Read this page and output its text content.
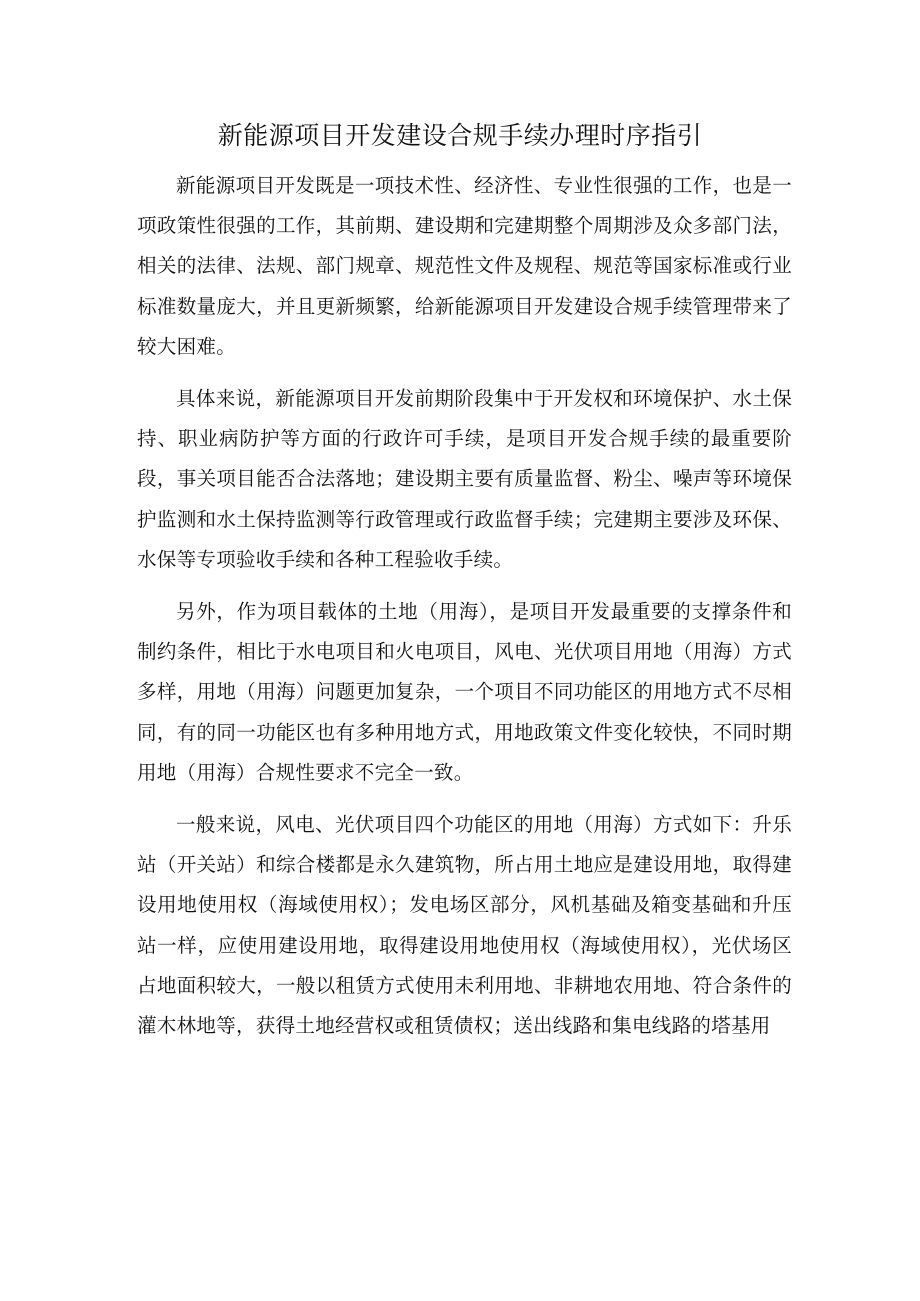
新能源项目开发建设合规手续办理时序指引

新能源项目开发既是一项技术性、经济性、专业性很强的工作，也是一项政策性很强的工作，其前期、建设期和完建期整个周期涉及众多部门法，相关的法律、法规、部门规章、规范性文件及规程、规范等国家标准或行业标准数量庞大，并且更新频繁，给新能源项目开发建设合规手续管理带来了较大困难。

具体来说，新能源项目开发前期阶段集中于开发权和环境保护、水土保持、职业病防护等方面的行政许可手续，是项目开发合规手续的最重要阶段，事关项目能否合法落地；建设期主要有质量监督、粉尘、噪声等环境保护监测和水土保持监测等行政管理或行政监督手续；完建期主要涉及环保、水保等专项验收手续和各种工程验收手续。

另外，作为项目载体的土地（用海），是项目开发最重要的支撑条件和制约条件，相比于水电项目和火电项目，风电、光伏项目用地（用海）方式多样，用地（用海）问题更加复杂，一个项目不同功能区的用地方式不尽相同，有的同一功能区也有多种用地方式，用地政策文件变化较快，不同时期用地（用海）合规性要求不完全一致。

一般来说，风电、光伏项目四个功能区的用地（用海）方式如下：升乐站（开关站）和综合楼都是永久建筑物，所占用土地应是建设用地，取得建设用地使用权（海域使用权）；发电场区部分，风机基础及箱变基础和升压站一样，应使用建设用地，取得建设用地使用权（海域使用权），光伏场区占地面积较大，一般以租赁方式使用未利用地、非耕地农用地、符合条件的灌木林地等，获得土地经营权或租赁债权；送出线路和集电线路的塔基用
